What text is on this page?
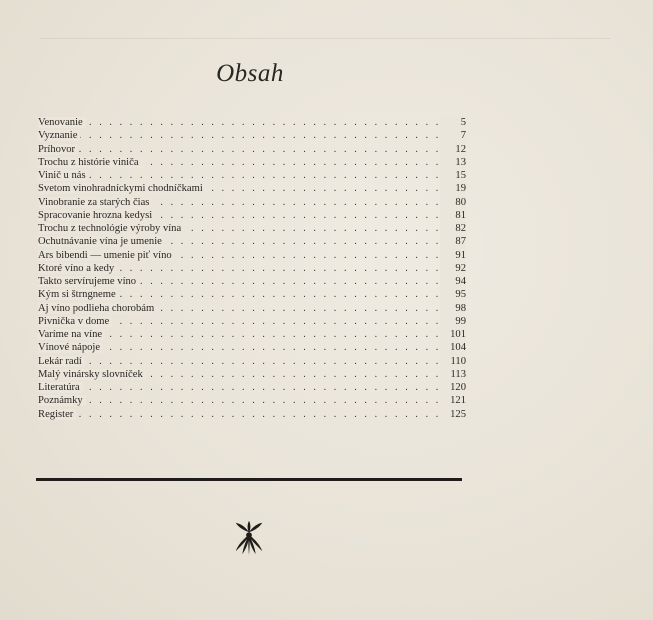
Obsah
. . . Venovanie	5
. . . Vyznanie	7
. . . Príhovor	12
. . . Trochu z histórie viniča	13
. . . Vinič u nás	15
. . . Svetom vinohradníckymi chodníčkami	19
. . . Vinobranie za starých čias	80
. . . Spracovanie hrozna kedysi	81
. . . Trochu z technológie výroby vína	82
. . . Ochutnávanie vína je umenie	87
. . . Ars bibendi — umenie piť víno	91
. . . Ktoré víno a kedy	92
. . . Takto servírujeme víno	94
. . . Kým si štrngneme	95
. . . Aj víno podlieha chorobám	98
. . . Pivnička v dome	99
. . . Varíme na víne	101
. . . Vínové nápoje	104
. . . Lekár radí	110
. . . Malý vinársky slovníček	113
. . . Literatúra	120
. . . Poznámky	121
. . . Register	125
